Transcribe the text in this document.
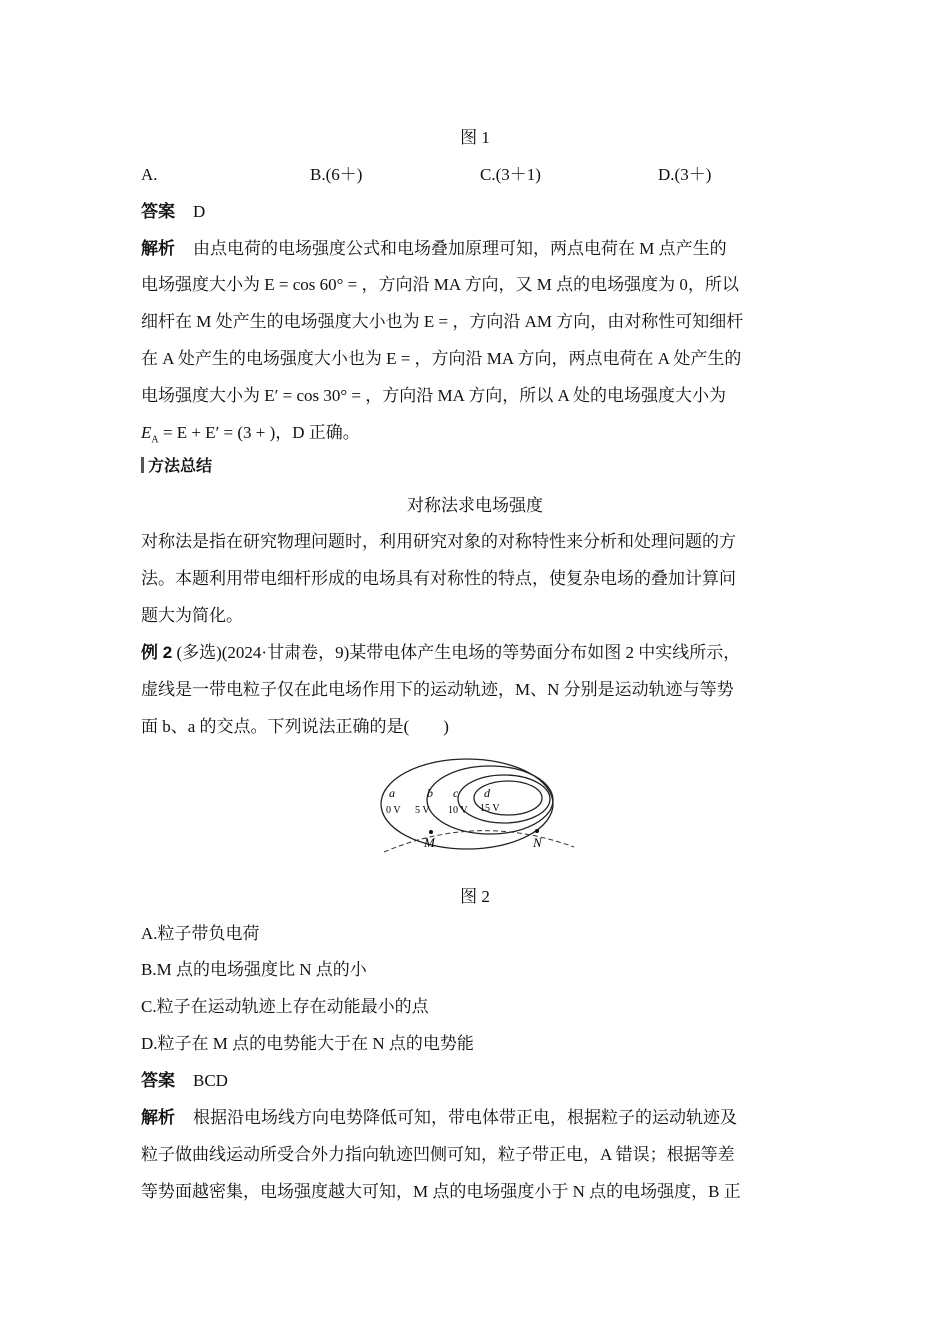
图 1
A.	B.(6＋)	C.(3＋1)	D.(3＋)
答案 D
解析 由点电荷的电场强度公式和电场叠加原理可知，两点电荷在 M 点产生的
电场强度大小为 E = cos 60° = ，方向沿 MA 方向，又 M 点的电场强度为 0，所以
细杆在 M 处产生的电场强度大小也为 E = ，方向沿 AM 方向，由对称性可知细杆
在 A 处产生的电场强度大小也为 E = ，方向沿 MA 方向，两点电荷在 A 处产生的
电场强度大小为 E′ = cos 30° = ，方向沿 MA 方向，所以 A 处的电场强度大小为
$E_A = E + E' = (3$ + )，D 正确。
方法总结
对称法求电场强度
对称法是指在研究物理问题时，利用研究对象的对称特性来分析和处理问题的方
法。本题利用带电细杆形成的电场具有对称性的特点，使复杂电场的叠加计算问
题大为简化。
例 2 (多选)(2024·甘肃卷，9)某带电体产生电场的等势面分布如图 2 中实线所示，
虚线是一带电粒子仅在此电场作用下的运动轨迹，M、N 分别是运动轨迹与等势
面 b、a 的交点。下列说法正确的是(　　)
a
0 V
b
5 V
c
10 V
d
15 V
M	N
图 2
A.粒子带负电荷
B.M 点的电场强度比 N 点的小
C.粒子在运动轨迹上存在动能最小的点
D.粒子在 M 点的电势能大于在 N 点的电势能
答案 BCD
解析 根据沿电场线方向电势降低可知，带电体带正电，根据粒子的运动轨迹及
粒子做曲线运动所受合外力指向轨迹凹侧可知，粒子带正电，A 错误；根据等差
等势面越密集，电场强度越大可知，M 点的电场强度小于 N 点的电场强度，B 正
